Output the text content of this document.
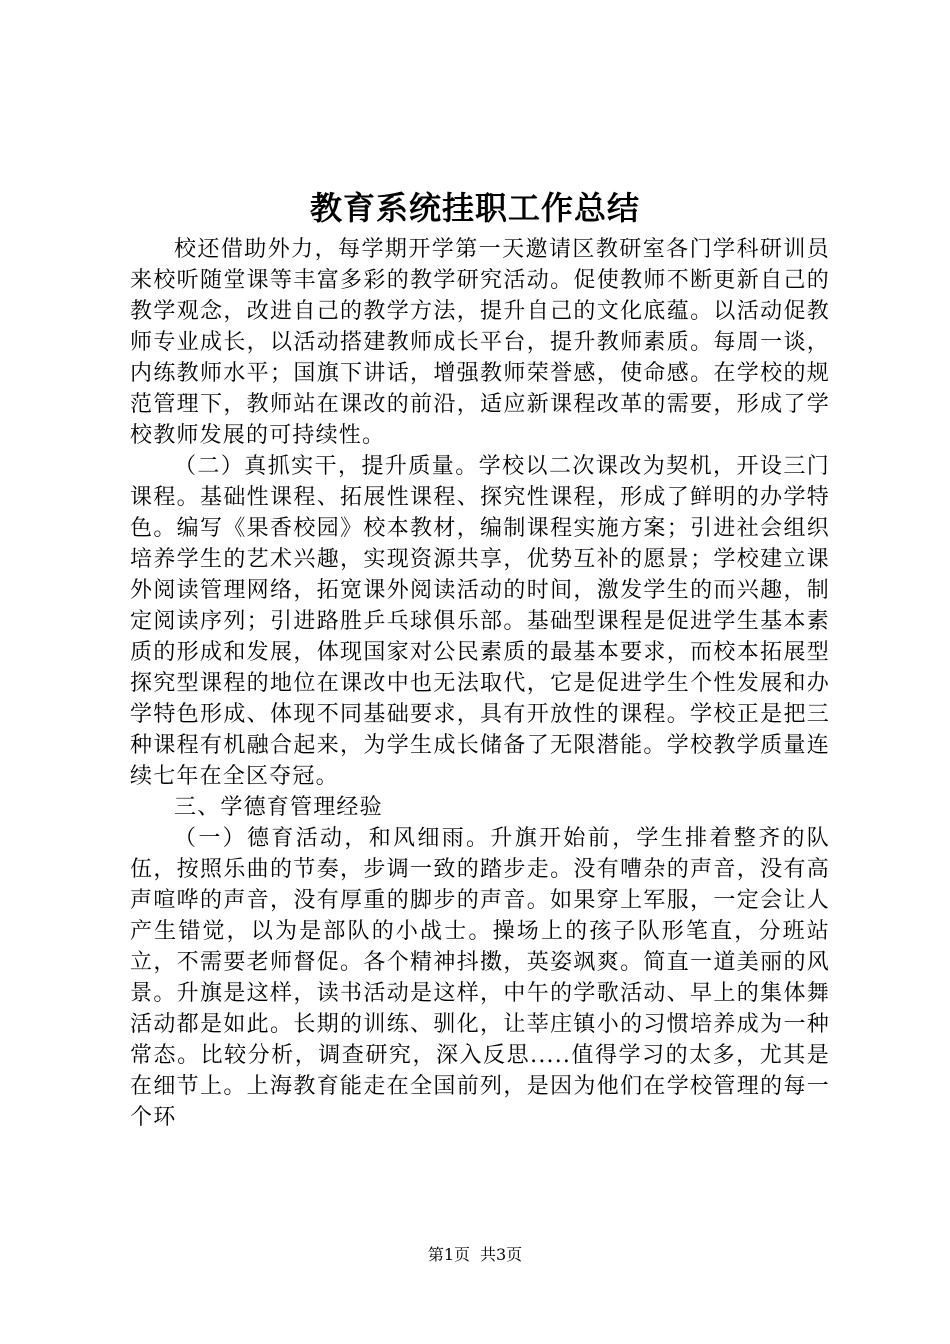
教育系统挂职工作总结

校还借助外力，每学期开学第一天邀请区教研室各门学科研训员来校听随堂课等丰富多彩的教学研究活动。促使教师不断更新自己的教学观念，改进自己的教学方法，提升自己的文化底蕴。以活动促教师专业成长，以活动搭建教师成长平台，提升教师素质。每周一谈，内练教师水平；国旗下讲话，增强教师荣誉感，使命感。在学校的规范管理下，教师站在课改的前沿，适应新课程改革的需要，形成了学校教师发展的可持续性。

（二）真抓实干，提升质量。学校以二次课改为契机，开设三门课程。基础性课程、拓展性课程、探究性课程，形成了鲜明的办学特色。编写《果香校园》校本教材，编制课程实施方案；引进社会组织培养学生的艺术兴趣，实现资源共享，优势互补的愿景；学校建立课外阅读管理网络，拓宽课外阅读活动的时间，激发学生的而兴趣，制定阅读序列；引进路胜乒乓球俱乐部。基础型课程是促进学生基本素质的形成和发展，体现国家对公民素质的最基本要求，而校本拓展型探究型课程的地位在课改中也无法取代，它是促进学生个性发展和办学特色形成、体现不同基础要求，具有开放性的课程。学校正是把三种课程有机融合起来，为学生成长储备了无限潜能。学校教学质量连续七年在全区夺冠。

三、学德育管理经验

（一）德育活动，和风细雨。升旗开始前，学生排着整齐的队伍，按照乐曲的节奏，步调一致的踏步走。没有嘈杂的声音，没有高声喧哗的声音，没有厚重的脚步的声音。如果穿上军服，一定会让人产生错觉，以为是部队的小战士。操场上的孩子队形笔直，分班站立，不需要老师督促。各个精神抖擞，英姿飒爽。简直一道美丽的风景。升旗是这样，读书活动是这样，中午的学歌活动、早上的集体舞活动都是如此。长期的训练、驯化，让莘庄镇小的习惯培养成为一种常态。比较分析，调查研究，深入反思.....值得学习的太多，尤其是在细节上。上海教育能走在全国前列，是因为他们在学校管理的每一个环

第1页 共3页
